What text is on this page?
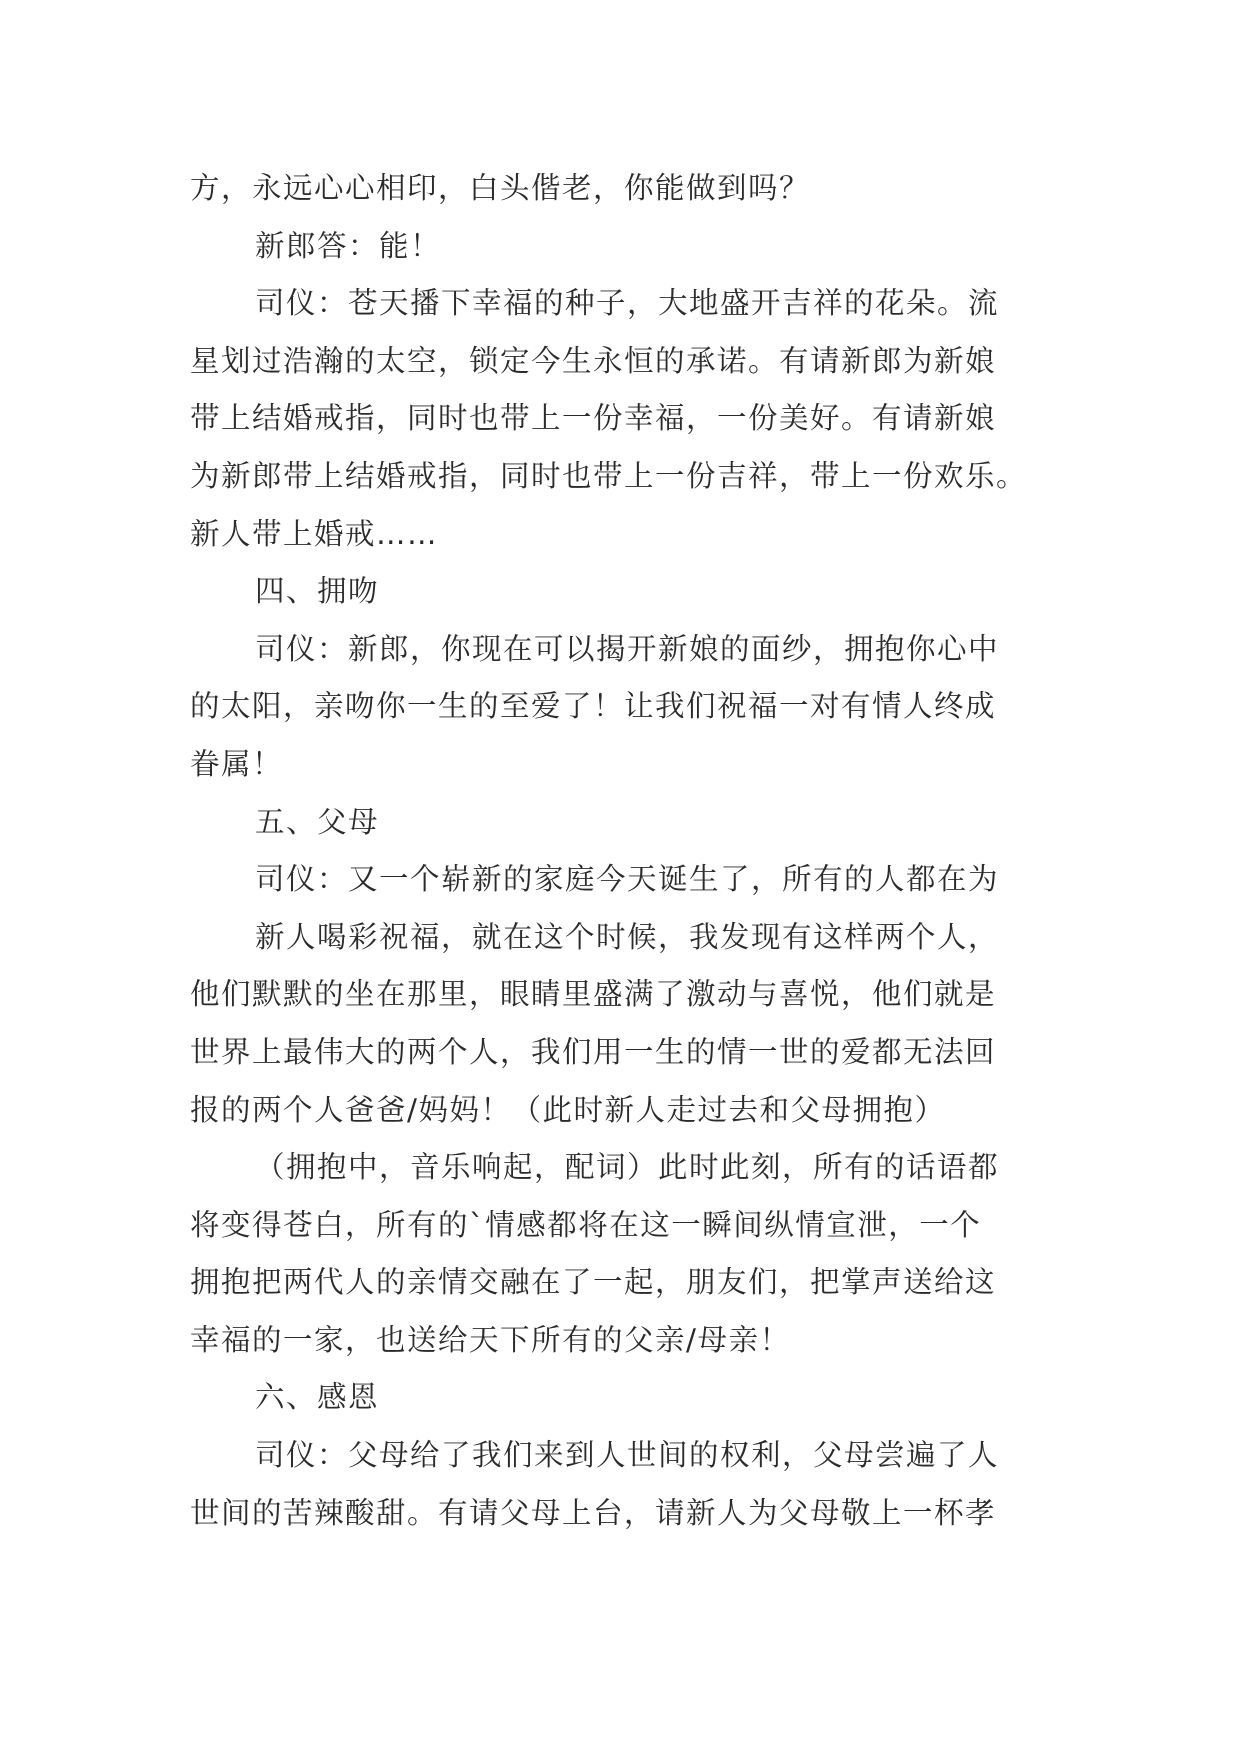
方，永远心心相印，白头偕老，你能做到吗？
新郎答：能！
司仪：苍天播下幸福的种子，大地盛开吉祥的花朵。流
星划过浩瀚的太空，锁定今生永恒的承诺。有请新郎为新娘
带上结婚戒指，同时也带上一份幸福，一份美好。有请新娘
为新郎带上结婚戒指，同时也带上一份吉祥，带上一份欢乐。
新人带上婚戒……
四、拥吻
司仪：新郎，你现在可以揭开新娘的面纱，拥抱你心中
的太阳，亲吻你一生的至爱了！让我们祝福一对有情人终成
眷属！
五、父母
司仪：又一个崭新的家庭今天诞生了，所有的人都在为
新人喝彩祝福，就在这个时候，我发现有这样两个人，
他们默默的坐在那里，眼睛里盛满了激动与喜悦，他们就是
世界上最伟大的两个人，我们用一生的情一世的爱都无法回
报的两个人爸爸/妈妈！（此时新人走过去和父母拥抱）
（拥抱中，音乐响起，配词）此时此刻，所有的话语都
将变得苍白，所有的`情感都将在这一瞬间纵情宣泄，一个
拥抱把两代人的亲情交融在了一起，朋友们，把掌声送给这
幸福的一家，也送给天下所有的父亲/母亲！
六、感恩
司仪：父母给了我们来到人世间的权利，父母尝遍了人
世间的苦辣酸甜。有请父母上台，请新人为父母敬上一杯孝
